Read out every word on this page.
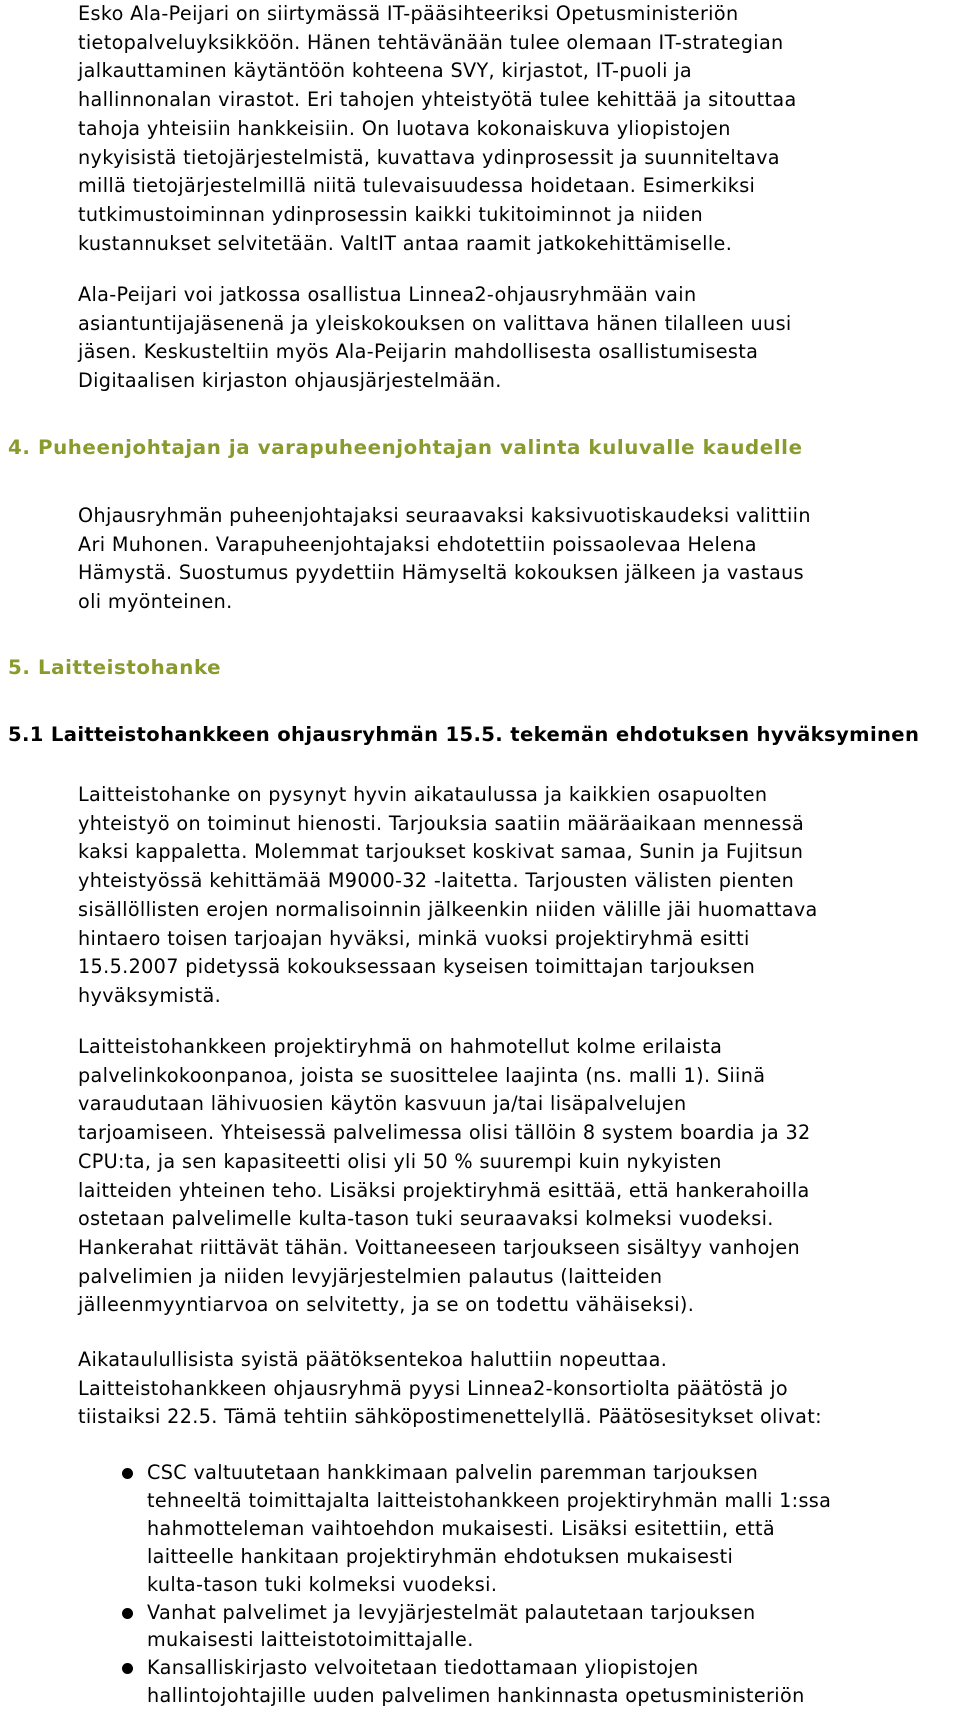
Esko Ala-Peijari on siirtymässä IT-pääsihteeriksi Opetusministeriön
tietopalveluyksikköön. Hänen tehtävänään tulee olemaan IT-strategian
jalkauttaminen käytäntöön kohteena SVY, kirjastot, IT-puoli ja
hallinnonalan virastot. Eri tahojen yhteistyötä tulee kehittää ja sitouttaa
tahoja yhteisiin hankkeisiin. On luotava kokonaiskuva yliopistojen
nykyisistä tietojärjestelmistä, kuvattava ydinprosessit ja suunniteltava
millä tietojärjestelmillä niitä tulevaisuudessa hoidetaan. Esimerkiksi
tutkimustoiminnan ydinprosessin kaikki tukitoiminnot ja niiden
kustannukset selvitetään. ValtIT antaa raamit jatkokehittämiselle.

Ala-Peijari voi jatkossa osallistua Linnea2-ohjausryhmään vain
asiantuntijajäsenenä ja yleiskokouksen on valittava hänen tilalleen uusi
jäsen. Keskusteltiin myös Ala-Peijarin mahdollisesta osallistumisesta
Digitaalisen kirjaston ohjausjärjestelmään.

4. Puheenjohtajan ja varapuheenjohtajan valinta kuluvalle kaudelle

Ohjausryhmän puheenjohtajaksi seuraavaksi kaksivuotiskaudeksi valittiin
Ari Muhonen. Varapuheenjohtajaksi ehdotettiin poissaolevaa Helena
Hämystä. Suostumus pyydettiin Hämyseltä kokouksen jälkeen ja vastaus
oli myönteinen.

5. Laitteistohanke
5.1 Laitteistohankkeen ohjausryhmän 15.5. tekemän ehdotuksen hyväksyminen

Laitteistohanke on pysynyt hyvin aikataulussa ja kaikkien osapuolten
yhteistyö on toiminut hienosti. Tarjouksia saatiin määräaikaan mennessä
kaksi kappaletta. Molemmat tarjoukset koskivat samaa, Sunin ja Fujitsun
yhteistyössä kehittämää M9000-32 -laitetta. Tarjousten välisten pienten
sisällöllisten erojen normalisoinnin jälkeenkin niiden välille jäi huomattava
hintaero toisen tarjoajan hyväksi, minkä vuoksi projektiryhmä esitti
15.5.2007 pidetyssä kokouksessaan kyseisen toimittajan tarjouksen
hyväksymistä.

Laitteistohankkeen projektiryhmä on hahmotellut kolme erilaista
palvelinkokoonpanoa, joista se suosittelee laajinta (ns. malli 1). Siinä
varaudutaan lähivuosien käytön kasvuun ja/tai lisäpalvelujen
tarjoamiseen. Yhteisessä palvelimessa olisi tällöin 8 system boardia ja 32
CPU:ta, ja sen kapasiteetti olisi yli 50 % suurempi kuin nykyisten
laitteiden yhteinen teho. Lisäksi projektiryhmä esittää, että hankerahoilla
ostetaan palvelimelle kulta-tason tuki seuraavaksi kolmeksi vuodeksi.
Hankerahat riittävät tähän. Voittaneeseen tarjoukseen sisältyy vanhojen
palvelimien ja niiden levyjärjestelmien palautus (laitteiden
jälleenmyyntiarvoa on selvitetty, ja se on todettu vähäiseksi).

Aikataulullisista syistä päätöksentekoa haluttiin nopeuttaa.
Laitteistohankkeen ohjausryhmä pyysi Linnea2-konsortiolta päätöstä jo
tiistaiksi 22.5. Tämä tehtiin sähköpostimenettelyllä. Päätösesitykset olivat:

CSC valtuutetaan hankkimaan palvelin paremman tarjouksen
tehneeltä toimittajalta laitteistohankkeen projektiryhmän malli 1:ssa
hahmotteleman vaihtoehdon mukaisesti. Lisäksi esitettiin, että
laitteelle hankitaan projektiryhmän ehdotuksen mukaisesti
kulta-tason tuki kolmeksi vuodeksi.
Vanhat palvelimet ja levyjärjestelmät palautetaan tarjouksen
mukaisesti laitteistotoimittajalle.
Kansalliskirjasto velvoitetaan tiedottamaan yliopistojen
hallintojohtajille uuden palvelimen hankinnasta opetusministeriön
